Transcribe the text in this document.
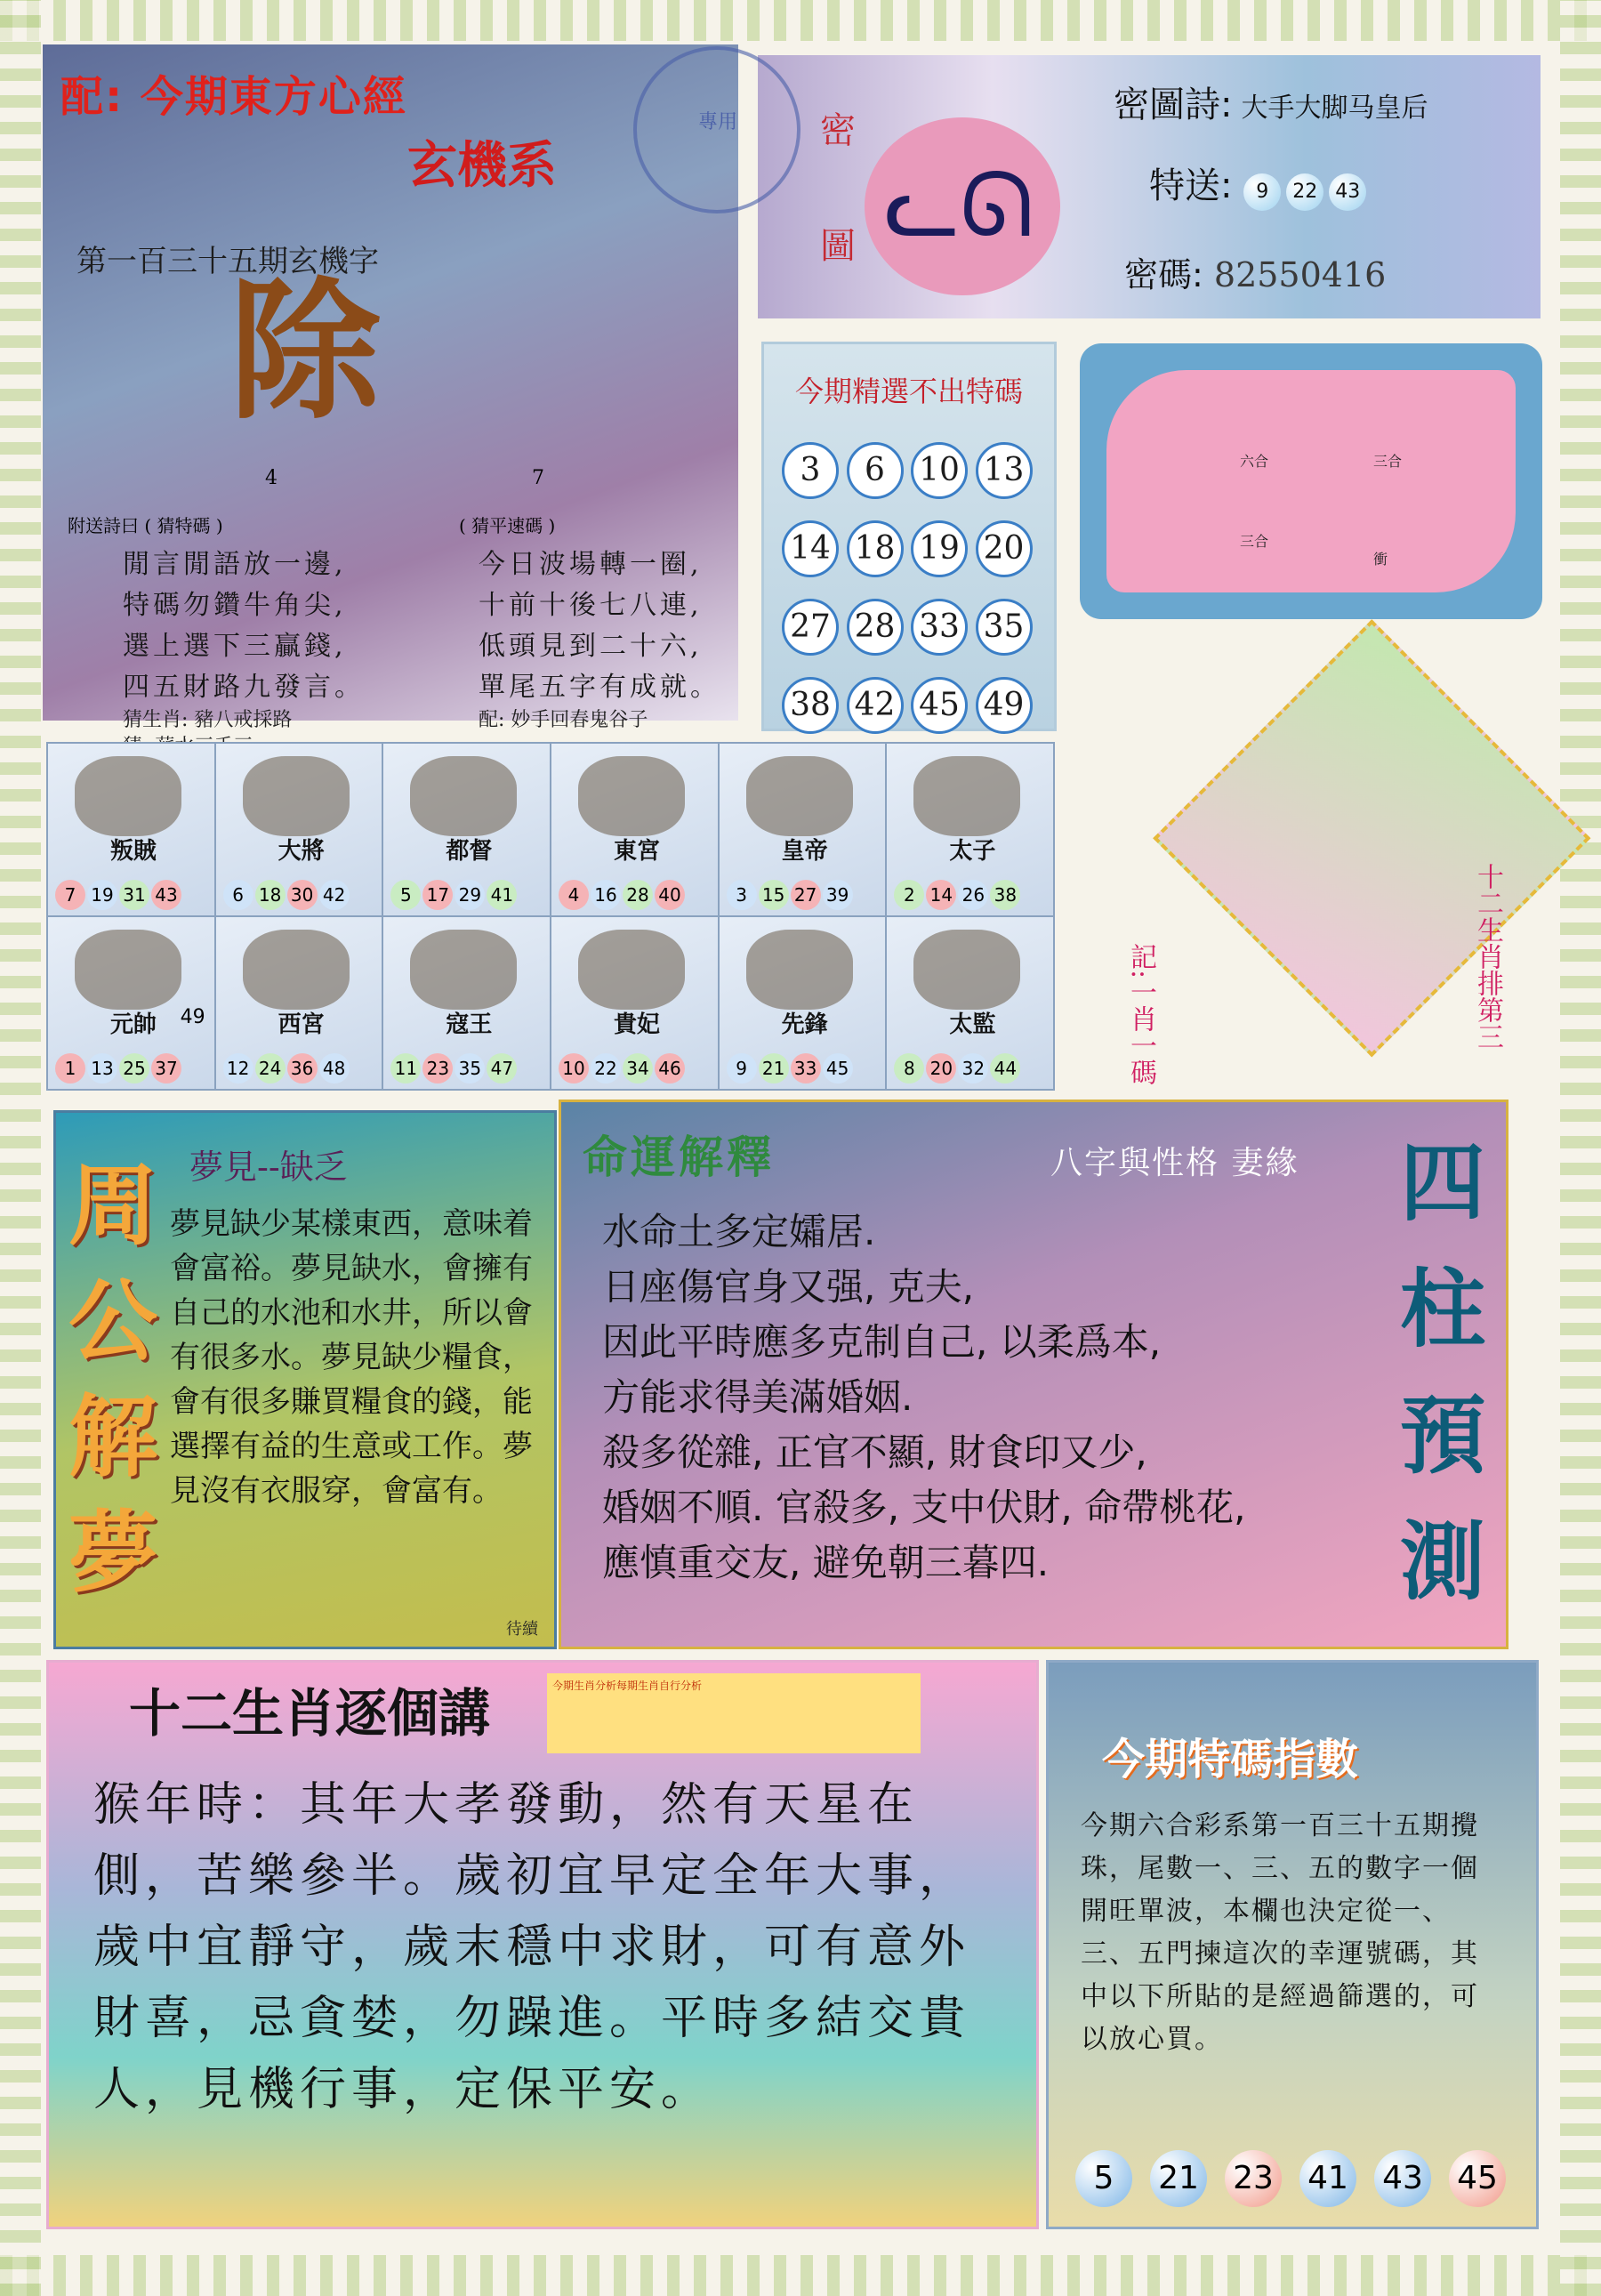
配: 今期東方心經
玄機系
第一百三十五期玄機字
除
4	7
附送詩曰 ( 猜特碼 )	( 猜平速碼 )
閒言閒語放一邊,
特碼勿鑽牛角尖,
選上選下三贏錢,
四五財路九發言。
今日波場轉一圈,
十前十後七八連,
低頭見到二十六,
單尾五字有成就。
猜生肖: 豬八戒採路	配: 妙手回春鬼谷子
專用	密圖 ᓚᘏ
密圖詩: 大手大脚马皇后
特送: 9 22 43
密碼: 82550416
今期精選不出特碼
3	6	10 13
14 18 19 20
27 28 33 35
38 42 45 49
六合	三合
三合
衝
十二生肖排第三
記:一肖一碼
叛賊
7 19 31 43
大將
6 18 30 42
都督
5 17 29 41
東宮
4 16 28 40
皇帝
3 15 27 39
太子
2 14 26 38
元帥 49
1 13 25 37
西宮
12 24 36 48
寇王
11 23 35 47
貴妃
10 22 34 46
先鋒
9 21 33 45
太監
8 20 32 44
周公解夢
夢見--缺乏
夢見缺少某樣東西，意味着會富裕。夢見缺水，會擁有自己的水池和水井，所以會有很多水。夢見缺少糧食，會有很多賺買糧食的錢，能選擇有益的生意或工作。夢見沒有衣服穿，會富有。
待續
命運解釋	八字與性格 妻緣
水命土多定孀居.
日座傷官身又强, 克夫,
因此平時應多克制自己, 以柔爲本,
方能求得美滿婚姻.
殺多從雜, 正官不顯, 財食印又少,
婚姻不順. 官殺多, 支中伏財, 命帶桃花,
應慎重交友, 避免朝三暮四.
四柱預測
十二生肖逐個講	今期生肖分析每期生肖自行分析
猴年時：其年大孝發動，然有天星在側，苦樂參半。歲初宜早定全年大事，歲中宜靜守，歲末穩中求財，可有意外財喜，忌貪婪，勿躁進。平時多結交貴人，見機行事，定保平安。
今期特碼指數
今期六合彩系第一百三十五期攪珠，尾數一、三、五的數字一個開旺單波，本欄也決定從一、三、五門揀這次的幸運號碼，其中以下所貼的是經過篩選的，可以放心買。
5	21 23 41 43 45
